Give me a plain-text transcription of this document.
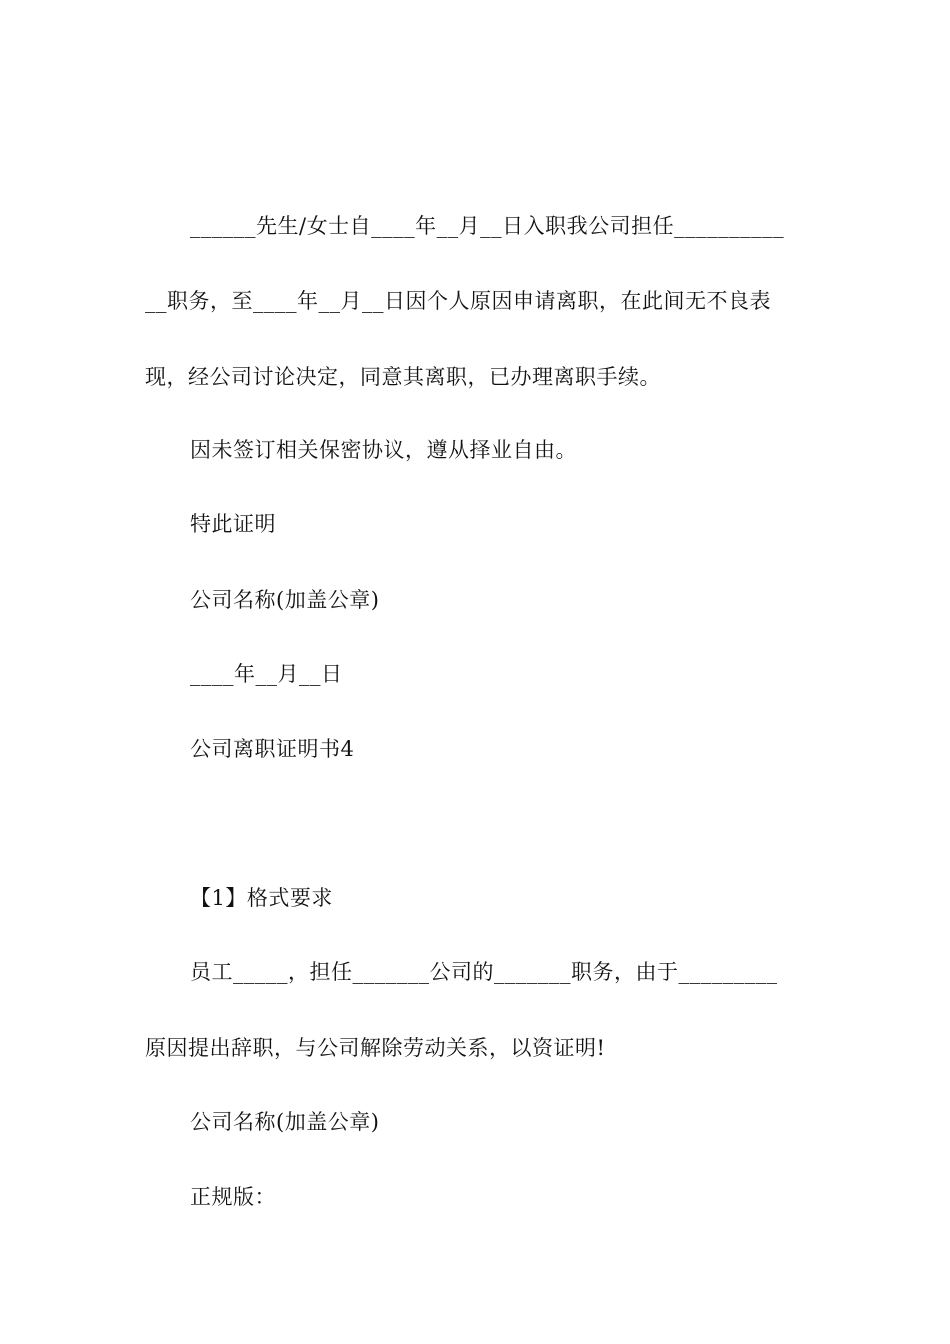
______先生/女士自____年__月__日入职我公司担任__________
__职务，至____年__月__日因个人原因申请离职，在此间无不良表
现，经公司讨论决定，同意其离职，已办理离职手续。
因未签订相关保密协议，遵从择业自由。
特此证明
公司名称(加盖公章)
____年__月__日
公司离职证明书4
【1】格式要求
员工_____，担任_______公司的_______职务，由于_________
原因提出辞职，与公司解除劳动关系，以资证明!
公司名称(加盖公章)
正规版：
